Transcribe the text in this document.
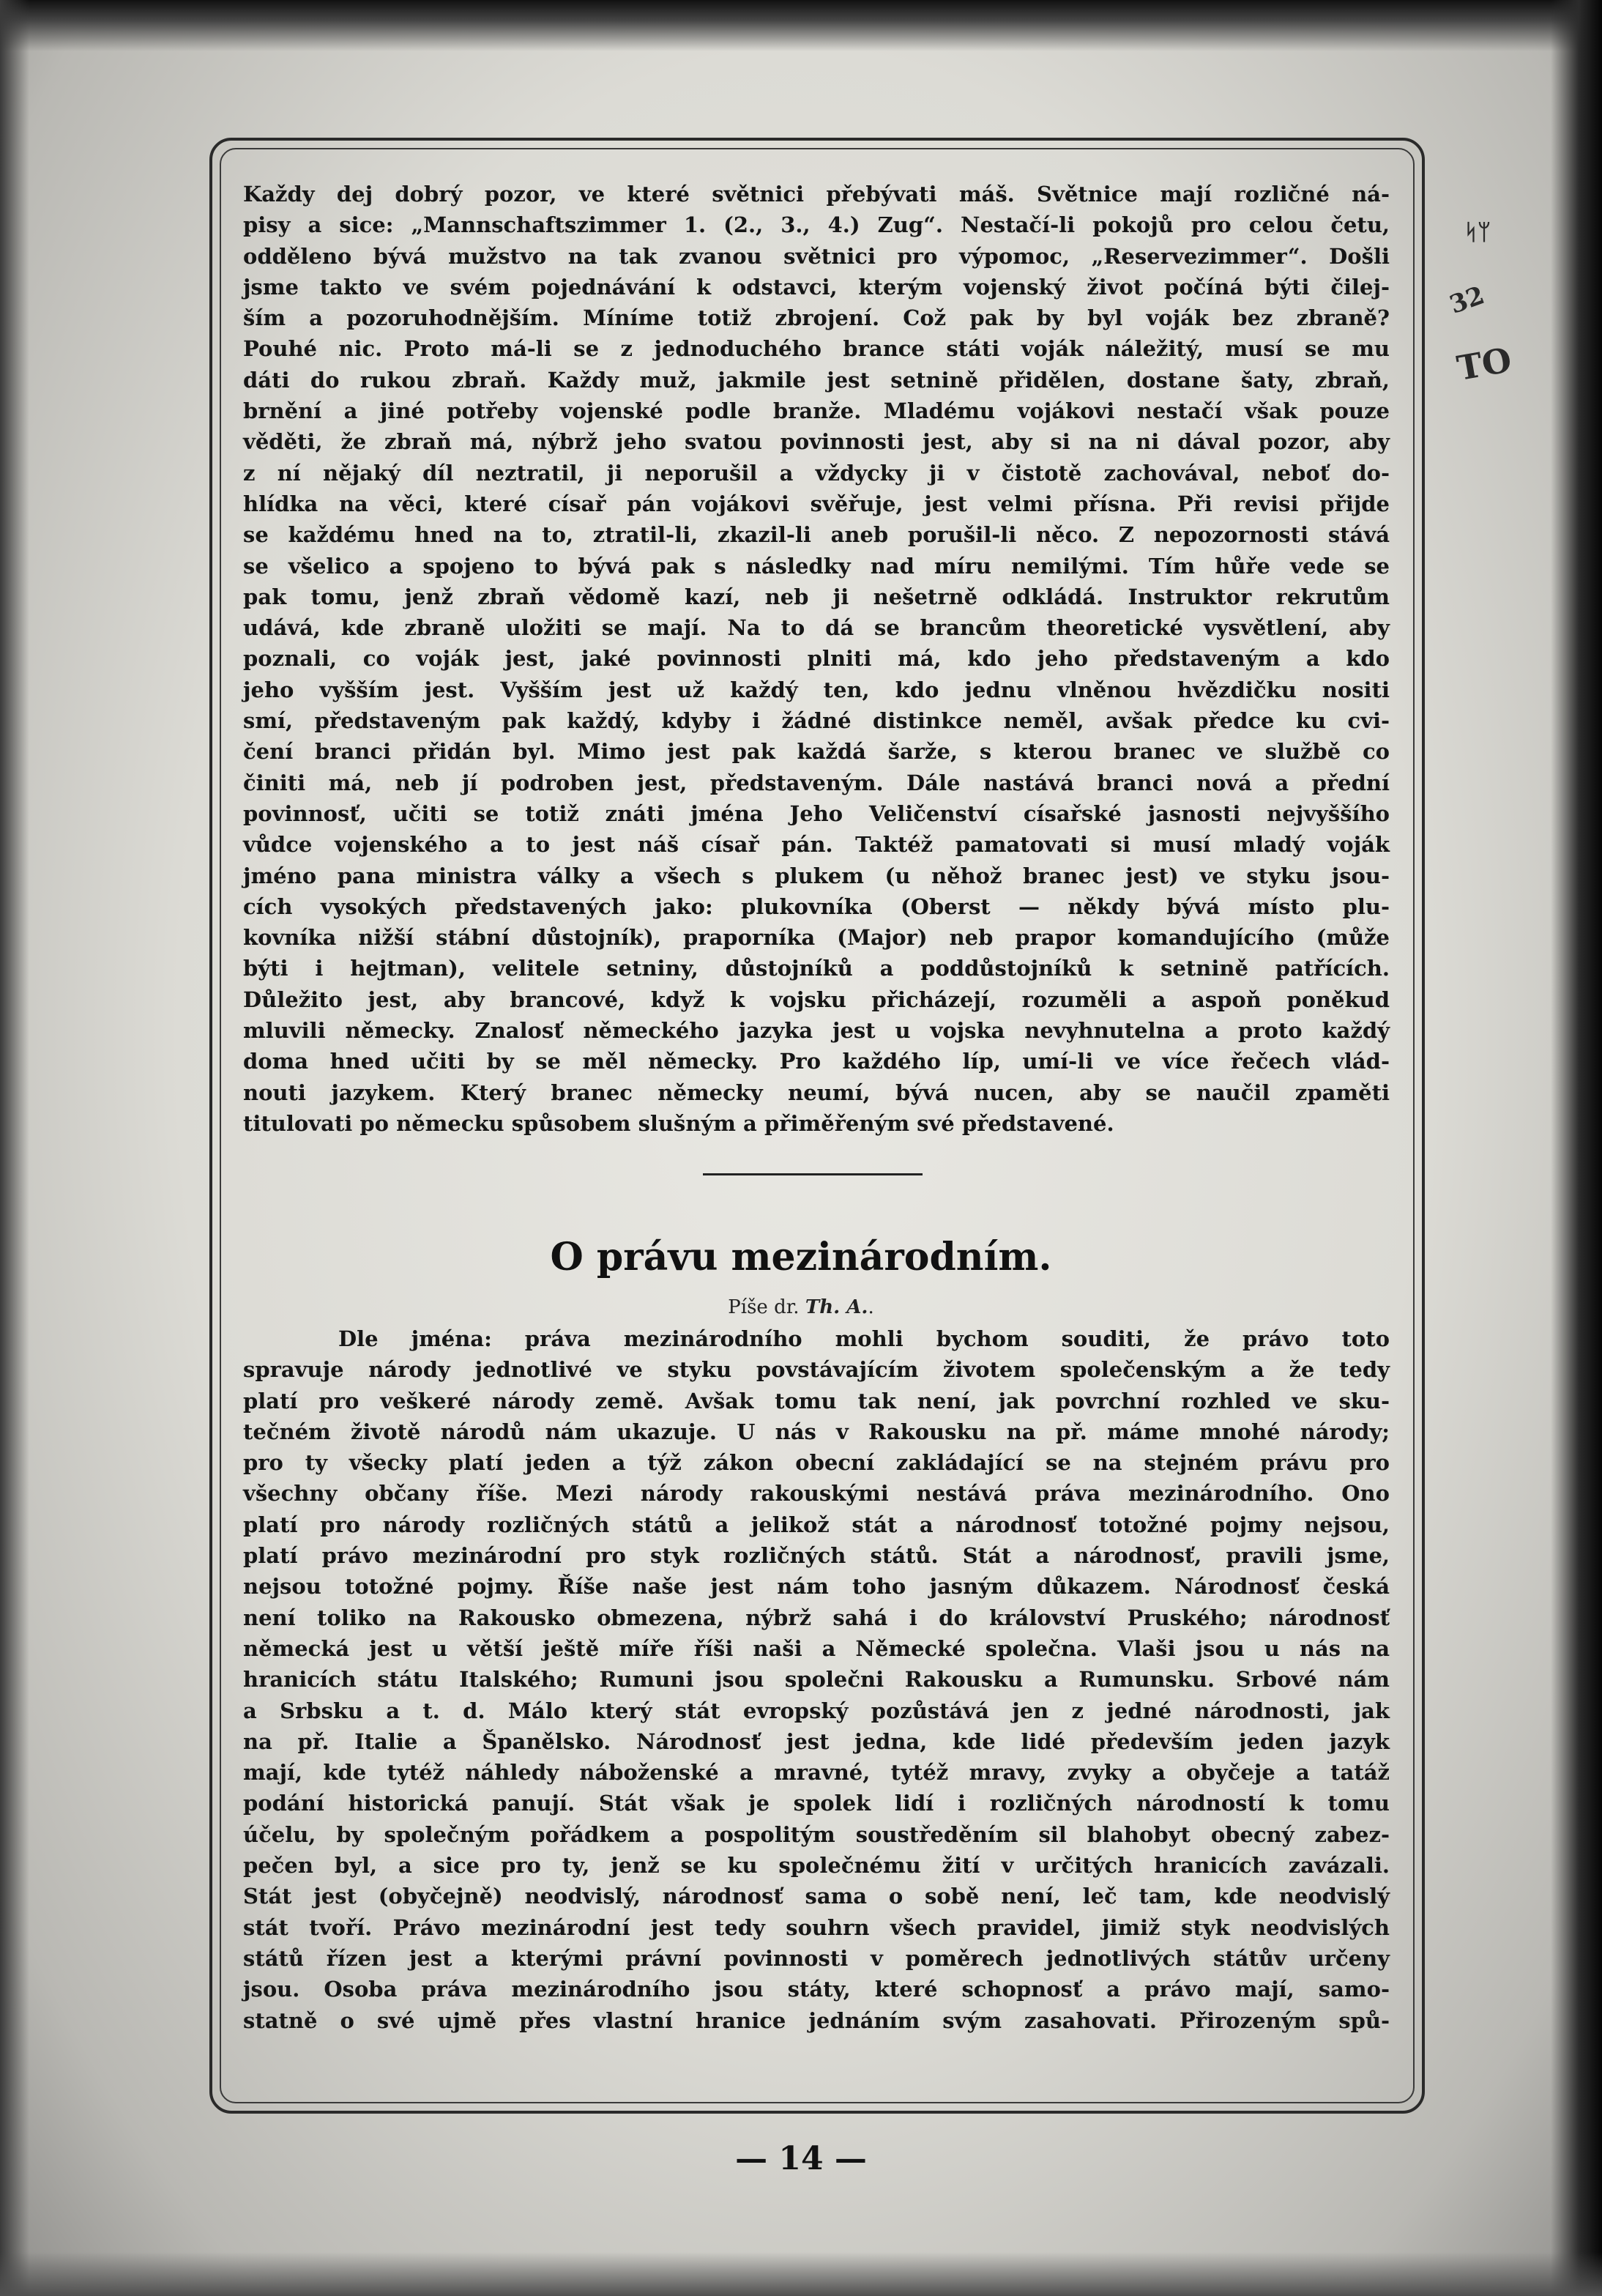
Každy dej dobrý pozor, ve které světnici přebývati máš. Světnice mají rozličné ná-
pisy a sice: „Mannschaftszimmer 1. (2., 3., 4.) Zug“. Nestačí-li pokojů pro celou četu,
odděleno bývá mužstvo na tak zvanou světnici pro výpomoc, „Reservezimmer“. Došli
jsme takto ve svém pojednávání k odstavci, kterým vojenský život počíná býti čilej-
ším a pozoruhodnějším. Míníme totiž zbrojení. Což pak by byl voják bez zbraně?
Pouhé nic. Proto má-li se z jednoduchého brance státi voják náležitý, musí se mu
dáti do rukou zbraň. Každy muž, jakmile jest setnině přidělen, dostane šaty, zbraň,
brnění a jiné potřeby vojenské podle branže. Mladému vojákovi nestačí však pouze
věděti, že zbraň má, nýbrž jeho svatou povinnosti jest, aby si na ni dával pozor, aby
z ní nějaký díl neztratil, ji neporušil a vždycky ji v čistotě zachovával, neboť do-
hlídka na věci, které císař pán vojákovi svěřuje, jest velmi přísna. Při revisi přijde
se každému hned na to, ztratil-li, zkazil-li aneb porušil-li něco. Z nepozornosti stává
se všelico a spojeno to bývá pak s následky nad míru nemilými. Tím hůře vede se
pak tomu, jenž zbraň vědomě kazí, neb ji nešetrně odkládá. Instruktor rekrutům
udává, kde zbraně uložiti se mají. Na to dá se brancům theoretické vysvětlení, aby
poznali, co voják jest, jaké povinnosti plniti má, kdo jeho představeným a kdo
jeho vyšším jest. Vyšším jest už každý ten, kdo jednu vlněnou hvězdičku nositi
smí, představeným pak každý, kdyby i žádné distinkce neměl, avšak předce ku cvi-
čení branci přidán byl. Mimo jest pak každá šarže, s kterou branec ve službě co
činiti má, neb jí podroben jest, představeným. Dále nastává branci nová a přední
povinnosť, učiti se totiž znáti jména Jeho Veličenství císařské jasnosti nejvyššího
vůdce vojenského a to jest náš císař pán. Taktéž pamatovati si musí mladý voják
jméno pana ministra války a všech s plukem (u něhož branec jest) ve styku jsou-
cích vysokých představených jako: plukovníka (Oberst — někdy bývá místo plu-
kovníka nižší stábní důstojník), praporníka (Major) neb prapor komandujícího (může
býti i hejtman), velitele setniny, důstojníků a poddůstojníků k setnině patřících.
Důležito jest, aby brancové, když k vojsku přicházejí, rozuměli a aspoň poněkud
mluvili německy. Znalosť německého jazyka jest u vojska nevyhnutelna a proto každý
doma hned učiti by se měl německy. Pro každého líp, umí-li ve více řečech vlád-
nouti jazykem. Který branec německy neumí, bývá nucen, aby se naučil zpaměti
titulovati po německu spůsobem slušným a přiměřeným své představené.
O právu mezinárodním.
Píše dr. Th. A..
Dle jména: práva mezinárodního mohli bychom souditi, že právo toto
spravuje národy jednotlivé ve styku povstávajícím životem společenským a že tedy
platí pro veškeré národy země. Avšak tomu tak není, jak povrchní rozhled ve sku-
tečném životě národů nám ukazuje. U nás v Rakousku na př. máme mnohé národy;
pro ty všecky platí jeden a týž zákon obecní zakládající se na stejném právu pro
všechny občany říše. Mezi národy rakouskými nestává práva mezinárodního. Ono
platí pro národy rozličných států a jelikož stát a národnosť totožné pojmy nejsou,
platí právo mezinárodní pro styk rozličných států. Stát a národnosť, pravili jsme,
nejsou totožné pojmy. Říše naše jest nám toho jasným důkazem. Národnosť česká
není toliko na Rakousko obmezena, nýbrž sahá i do království Pruského; národnosť
německá jest u větší ještě míře říši naši a Německé společna. Vlaši jsou u nás na
hranicích státu Italského; Rumuni jsou společni Rakousku a Rumunsku. Srbové nám
a Srbsku a t. d. Málo který stát evropský pozůstává jen z jedné národnosti, jak
na př. Italie a Španělsko. Národnosť jest jedna, kde lidé především jeden jazyk
mají, kde tytéž náhledy náboženské a mravné, tytéž mravy, zvyky a obyčeje a tatáž
podání historická panují. Stát však je spolek lidí i rozličných národností k tomu
účelu, by společným pořádkem a pospolitým soustředěním sil blahobyt obecný zabez-
pečen byl, a sice pro ty, jenž se ku společnému žití v určitých hranicích zavázali.
Stát jest (obyčejně) neodvislý, národnosť sama o sobě není, leč tam, kde neodvislý
stát tvoří. Právo mezinárodní jest tedy souhrn všech pravidel, jimiž styk neodvislých
států řízen jest a kterými právní povinnosti v poměrech jednotlivých státův určeny
jsou. Osoba práva mezinárodního jsou státy, které schopnosť a právo mají, samo-
statně o své ujmě přes vlastní hranice jednáním svým zasahovati. Přirozeným spů-
— 14 —
ᛋᛘ
32
TO
